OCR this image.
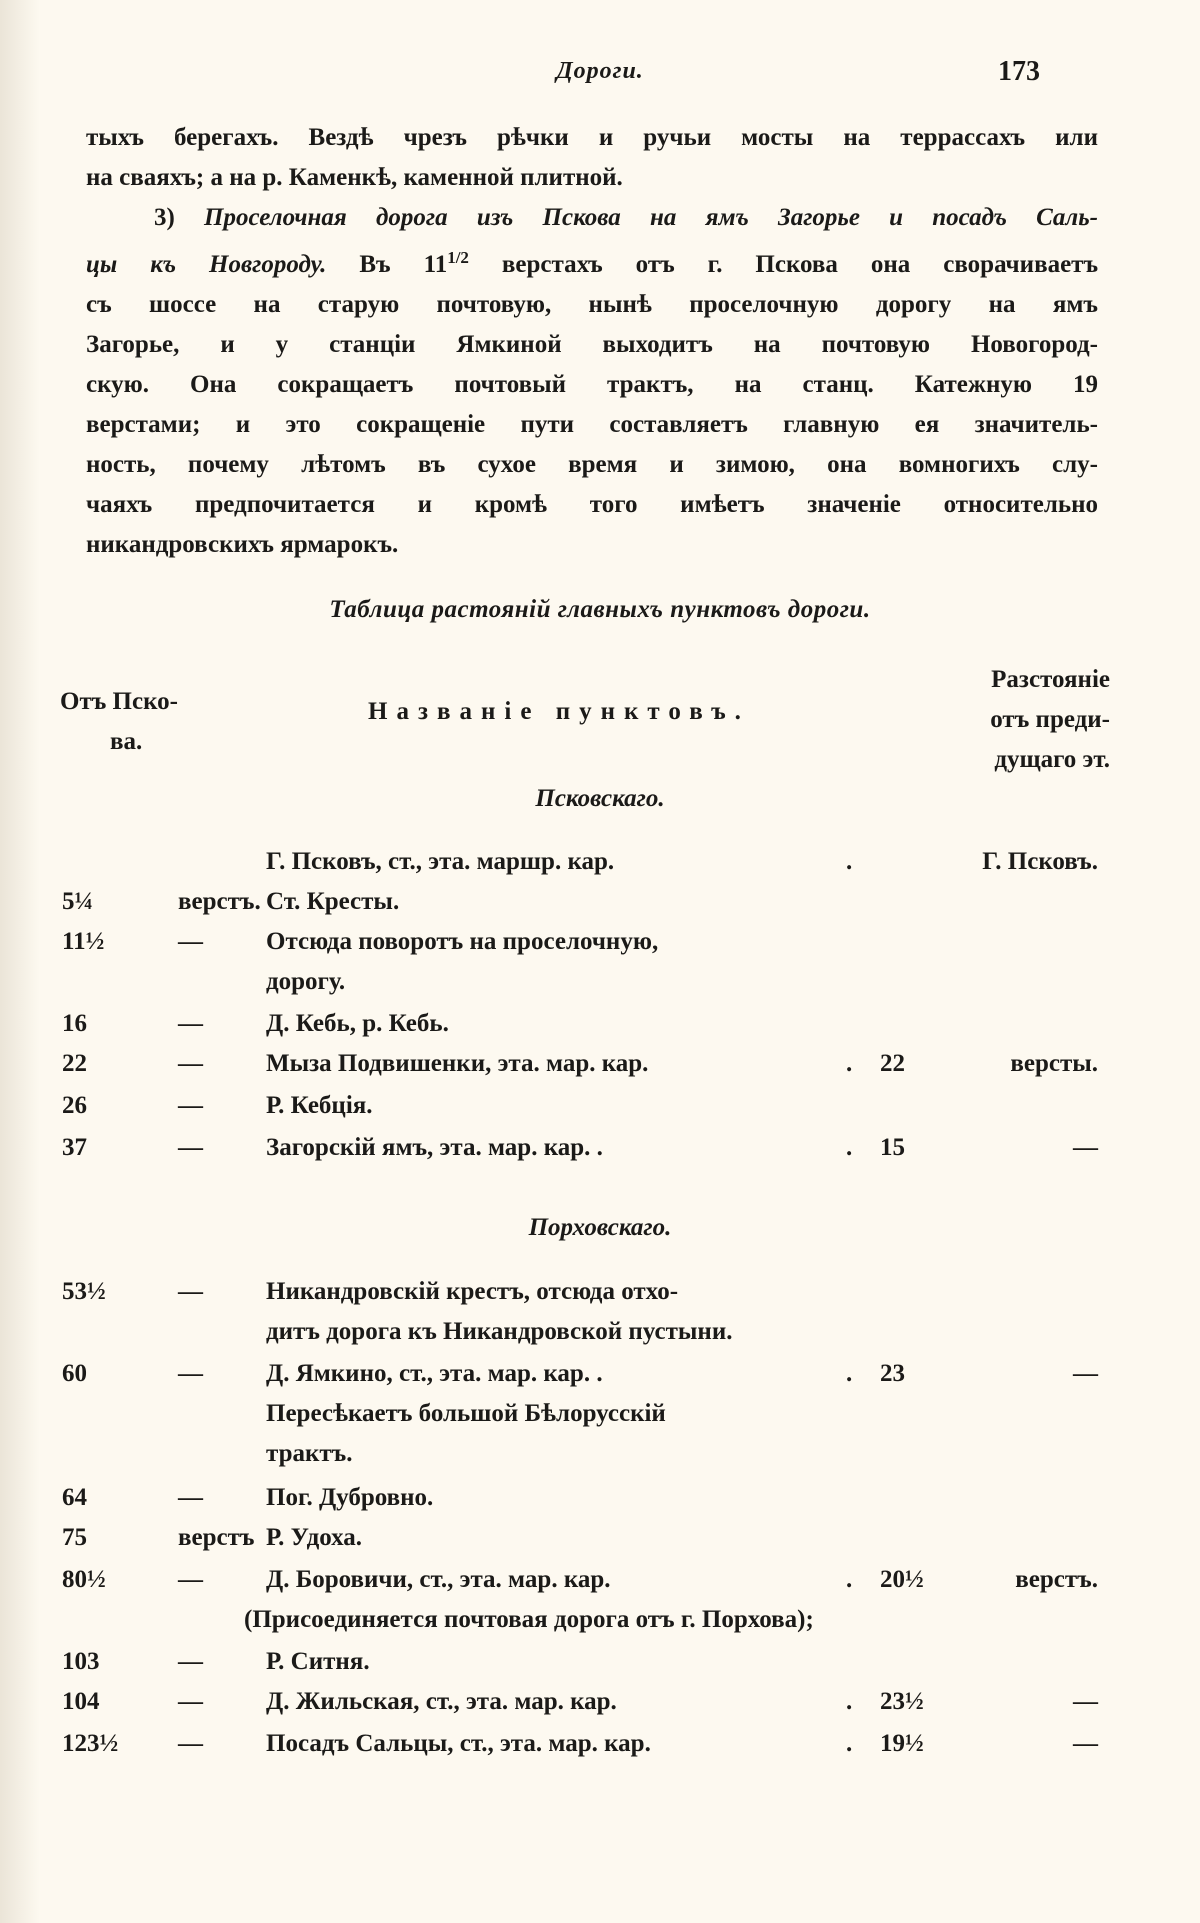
Дороги.	173
тыхъ берегахъ. Вездѣ чрезъ рѣчки и ручьи мосты на террассахъ или
на сваяхъ; а на р. Каменкѣ, каменной плитной.
3) Проселочная дорога изъ Пскова на ямъ Загорье и посадъ Саль-
цы къ Новгороду. Въ $11^{1/2}$ верстахъ отъ г. Пскова она сворачиваетъ
съ шоссе на старую почтовую, нынѣ проселочную дорогу на ямъ
Загорье, и у станціи Ямкиной выходитъ на почтовую Новогород-
скую. Она сокращаетъ почтовый трактъ, на станц. Катежную 19
верстами; и это сокращеніе пути составляетъ главную ея значитель-
ность, почему лѣтомъ въ сухое время и зимою, она вомногихъ слу-
чаяхъ предпочитается и кромѣ того имѣетъ значеніе относительно
никандровскихъ ярмарокъ.
Таблица растояній главныхъ пунктовъ дороги.
Отъ Пско-
ва.
Названіе пунктовъ.
Разстояніе
отъ преди-
дущаго эт.
Псковскаго.
Г. Псковъ, ст., эта. маршр. кар.	.	Г. Псковъ.
5¼	верстъ. Ст. Кресты.
11½	—	Отсюда поворотъ на проселочную,
дорогу.
16	—	Д. Кебь, р. Кебь.
22	—	Мыза Подвишенки, эта. мар. кар.	. 22	версты.
26	—	Р. Кебція.
37	—	Загорскій ямъ, эта. мар. кар. .	. 15	—
Порховскаго.
53½	—	Никандровскій крестъ, отсюда отхо-
дитъ дорога къ Никандровской пустыни.
60	—	Д. Ямкино, ст., эта. мар. кар. .	. 23	—
Пересѣкаетъ большой Бѣлорусскій
трактъ.
64	—	Пог. Дубровно.
75	верстъ Р. Удоха.
80½	—	Д. Боровичи, ст., эта. мар. кар.	. 20½	верстъ.
(Присоединяется почтовая дорога отъ г. Порхова);
103	—	Р. Ситня.
104	—	Д. Жильская, ст., эта. мар. кар.	. 23½	—
123½ —	Посадъ Сальцы, ст., эта. мар. кар.	. 19½	—
